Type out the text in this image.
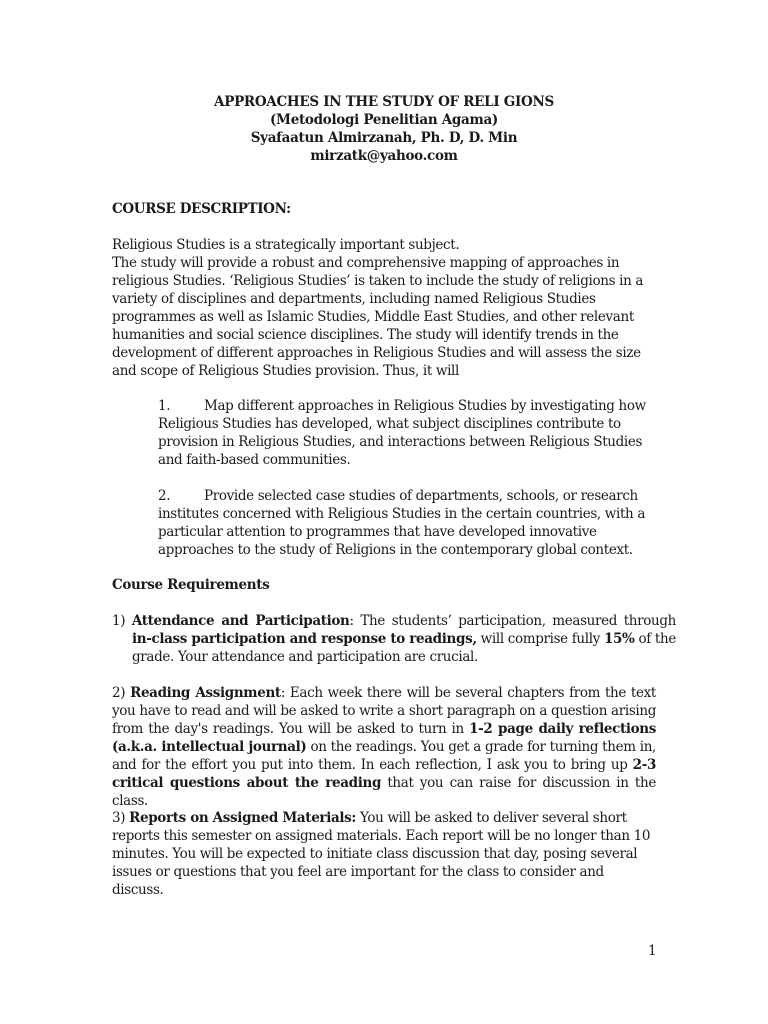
APPROACHES IN THE STUDY OF RELI GIONS
(Metodologi Penelitian Agama)
Syafaatun Almirzanah, Ph. D, D. Min
mirzatk@yahoo.com

COURSE DESCRIPTION:

Religious Studies is a strategically important subject.

The study will provide a robust and comprehensive mapping of approaches in religious Studies. ‘Religious Studies’ is taken to include the study of religions in a variety of disciplines and departments, including named Religious Studies programmes as well as Islamic Studies, Middle East Studies, and other relevant humanities and social science disciplines. The study will identify trends in the development of different approaches in Religious Studies and will assess the size and scope of Religious Studies provision. Thus, it will

1.	Map different approaches in Religious Studies by investigating how Religious Studies has developed, what subject disciplines contribute to provision in Religious Studies, and interactions between Religious Studies and faith-based communities.
2.	Provide selected case studies of departments, schools, or research institutes concerned with Religious Studies in the certain countries, with a particular attention to programmes that have developed innovative approaches to the study of Religions in the contemporary global context.

Course Requirements

1) Attendance and Participation: The students’ participation, measured through in-class participation and response to readings, will comprise fully 15% of the grade. Your attendance and participation are crucial.

2) Reading Assignment: Each week there will be several chapters from the text you have to read and will be asked to write a short paragraph on a question arising from the day's readings. You will be asked to turn in 1-2 page daily reflections (a.k.a. intellectual journal) on the readings. You get a grade for turning them in, and for the effort you put into them. In each reflection, I ask you to bring up 2-3 critical questions about the reading that you can raise for discussion in the class.

3) Reports on Assigned Materials: You will be asked to deliver several short reports this semester on assigned materials. Each report will be no longer than 10 minutes. You will be expected to initiate class discussion that day, posing several issues or questions that you feel are important for the class to consider and discuss.

1
